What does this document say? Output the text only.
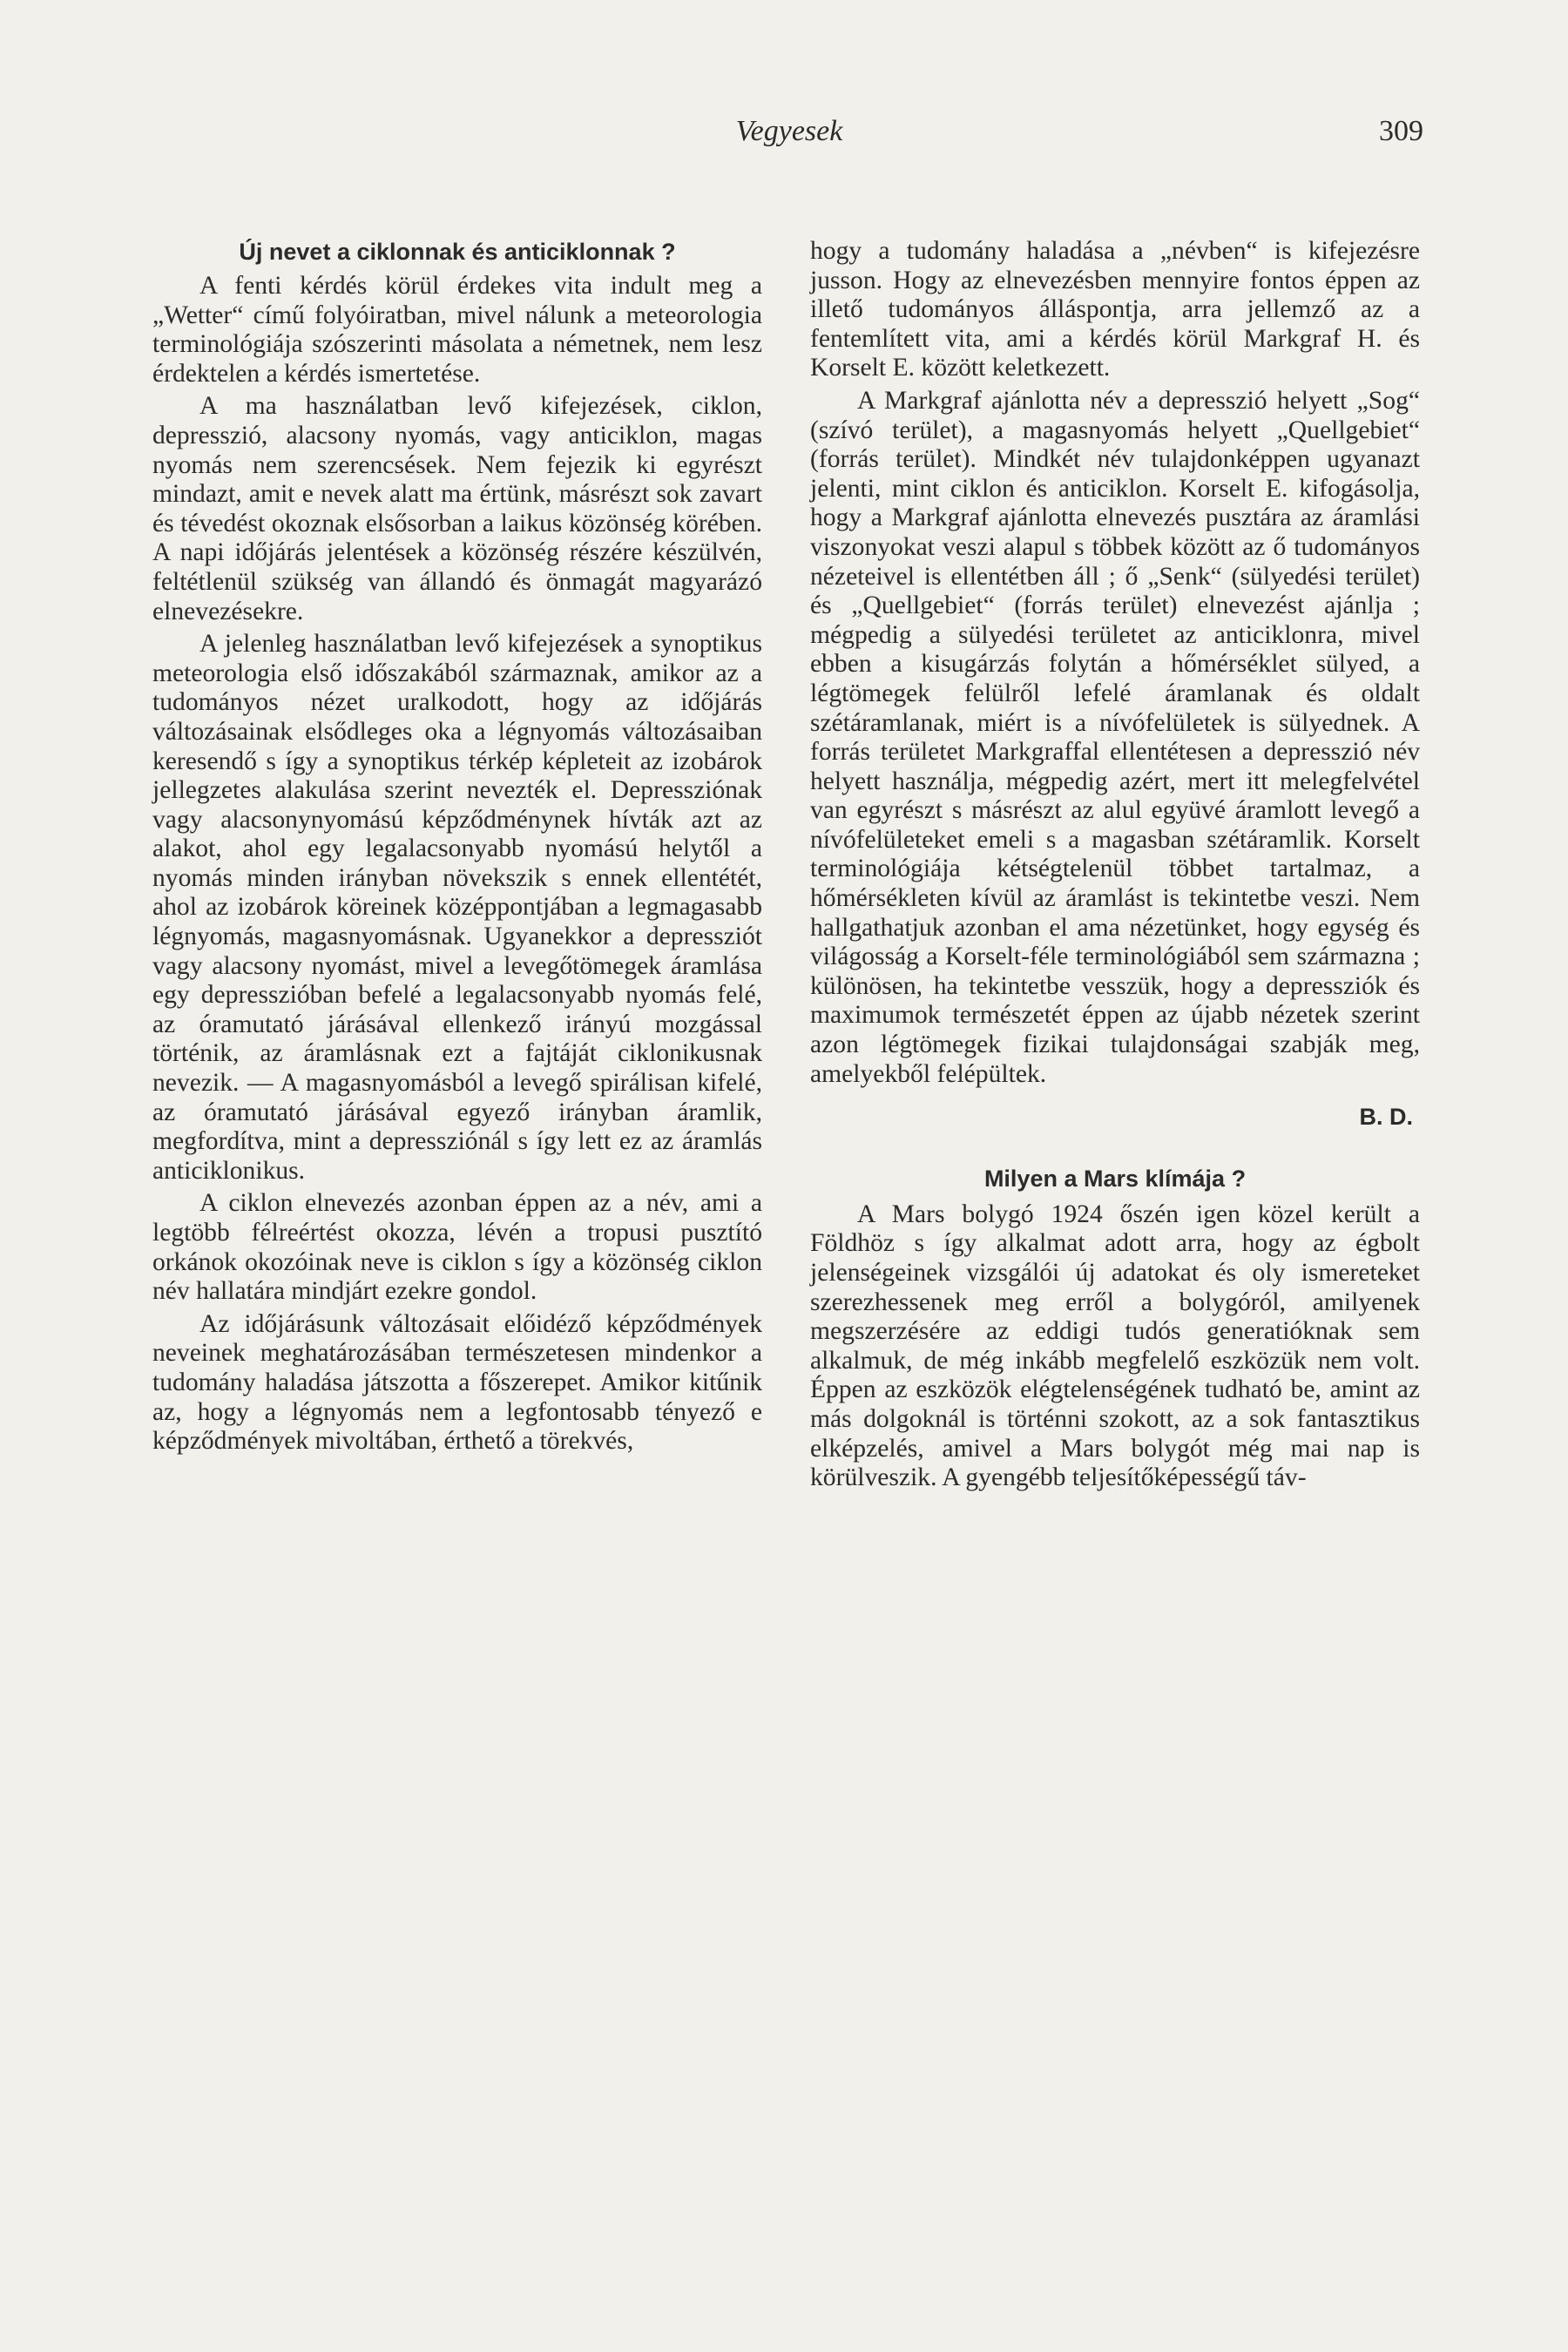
Vegyesek	309
Új nevet a ciklonnak és anticiklonnak ?

A fenti kérdés körül érdekes vita indult meg a „Wetter“ című folyóiratban, mivel nálunk a meteorologia terminológiája szószerinti másolata a németnek, nem lesz érdektelen a kérdés ismertetése.

A ma használatban levő kifejezések, ciklon, depresszió, alacsony nyomás, vagy anticiklon, magas nyomás nem szerencsések. Nem fejezik ki egyrészt mindazt, amit e nevek alatt ma értünk, másrészt sok zavart és tévedést okoznak elsősorban a laikus közönség körében. A napi időjárás jelentések a közönség részére készülvén, feltétlenül szükség van állandó és önmagát magyarázó elnevezésekre.

A jelenleg használatban levő kifejezések a synoptikus meteorologia első időszakából származnak, amikor az a tudományos nézet uralkodott, hogy az időjárás változásainak elsődleges oka a légnyomás változásaiban keresendő s így a synoptikus térkép képleteit az izobárok jellegzetes alakulása szerint nevezték el. Depressziónak vagy alacsonynyomású képződménynek hívták azt az alakot, ahol egy legalacsonyabb nyomású helytől a nyomás minden irányban növekszik s ennek ellentétét, ahol az izobárok köreinek középpontjában a legmagasabb légnyomás, magasnyomásnak. Ugyanekkor a depressziót vagy alacsony nyomást, mivel a levegőtömegek áramlása egy depresszióban befelé a legalacsonyabb nyomás felé, az óramutató járásával ellenkező irányú mozgással történik, az áramlásnak ezt a fajtáját ciklonikusnak nevezik. — A magasnyomásból a levegő spirálisan kifelé, az óramutató járásával egyező irányban áramlik, megfordítva, mint a depressziónál s így lett ez az áramlás anticiklonikus.

A ciklon elnevezés azonban éppen az a név, ami a legtöbb félreértést okozza, lévén a tropusi pusztító orkánok okozóinak neve is ciklon s így a közönség ciklon név hallatára mindjárt ezekre gondol.

Az időjárásunk változásait előidéző képződmények neveinek meghatározásában természetesen mindenkor a tudomány haladása játszotta a főszerepet. Amikor kitűnik az, hogy a légnyomás nem a legfontosabb tényező e képződmények mivoltában, érthető a törekvés,

hogy a tudomány haladása a „névben“ is kifejezésre jusson. Hogy az elnevezésben mennyire fontos éppen az illető tudományos álláspontja, arra jellemző az a fentemlített vita, ami a kérdés körül Markgraf H. és Korselt E. között keletkezett.

A Markgraf ajánlotta név a depresszió helyett „Sog“ (szívó terület), a magasnyomás helyett „Quellgebiet“ (forrás terület). Mindkét név tulajdonképpen ugyanazt jelenti, mint ciklon és anticiklon. Korselt E. kifogásolja, hogy a Markgraf ajánlotta elnevezés pusztára az áramlási viszonyokat veszi alapul s többek között az ő tudományos nézeteivel is ellentétben áll ; ő „Senk“ (sülyedési terület) és „Quellgebiet“ (forrás terület) elnevezést ajánlja ; mégpedig a sülyedési területet az anticiklonra, mivel ebben a kisugárzás folytán a hőmérséklet sülyed, a légtömegek felülről lefelé áramlanak és oldalt szétáramlanak, miért is a nívófelületek is sülyednek. A forrás területet Markgraffal ellentétesen a depresszió név helyett használja, mégpedig azért, mert itt melegfelvétel van egyrészt s másrészt az alul együvé áramlott levegő a nívófelületeket emeli s a magasban szétáramlik. Korselt terminológiája kétségtelenül többet tartalmaz, a hőmérsékleten kívül az áramlást is tekintetbe veszi. Nem hallgathatjuk azonban el ama nézetünket, hogy egység és világosság a Korselt-féle terminológiából sem származna ; különösen, ha tekintetbe vesszük, hogy a depressziók és maximumok természetét éppen az újabb nézetek szerint azon légtömegek fizikai tulajdonságai szabják meg, amelyekből felépültek.

B. D.
Milyen a Mars klímája ?

A Mars bolygó 1924 őszén igen közel került a Földhöz s így alkalmat adott arra, hogy az égbolt jelenségeinek vizsgálói új adatokat és oly ismereteket szerezhessenek meg erről a bolygóról, amilyenek megszerzésére az eddigi tudós generatióknak sem alkalmuk, de még inkább megfelelő eszközük nem volt. Éppen az eszközök elégtelenségének tudható be, amint az más dolgoknál is történni szokott, az a sok fantasztikus elképzelés, amivel a Mars bolygót még mai nap is körülveszik. A gyengébb teljesítőképességű táv-
